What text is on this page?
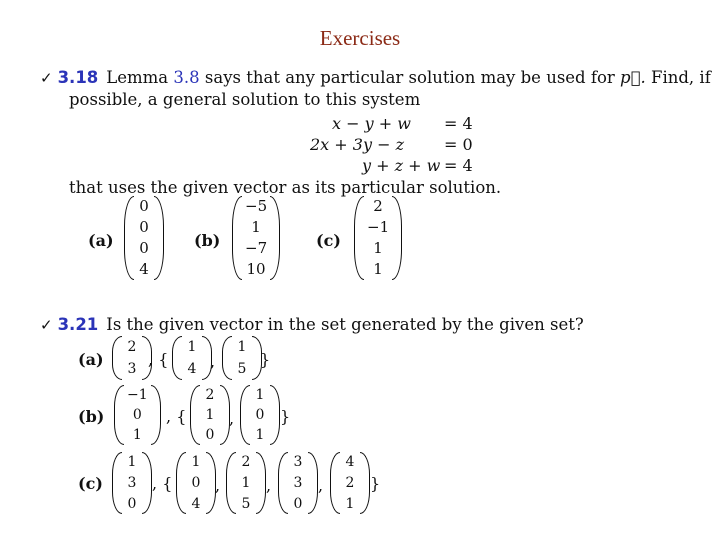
Exercises
✓ 3.18 Lemma 3.8 says that any particular solution may be used for p⃗. Find, if
possible, a general solution to this system
x − y + w = 4
2x + 3y − z = 0
y + z + w = 4
that uses the given vector as its particular solution.
(a)
0
0
0
4
(b)
−5
1
−7
10
(c)
2
−1
1
1
✓ 3.21 Is the given vector in the set generated by the given set?
(a)
2
3 , {
1
4 ,
1
5 }
(b)
−1
0
1
, {
2
1
0
,
1
0
1
}
(c)
1
3
0
, {
1
0
4
,
2
1
5
,
3
3
0
,
4
2
1
}
